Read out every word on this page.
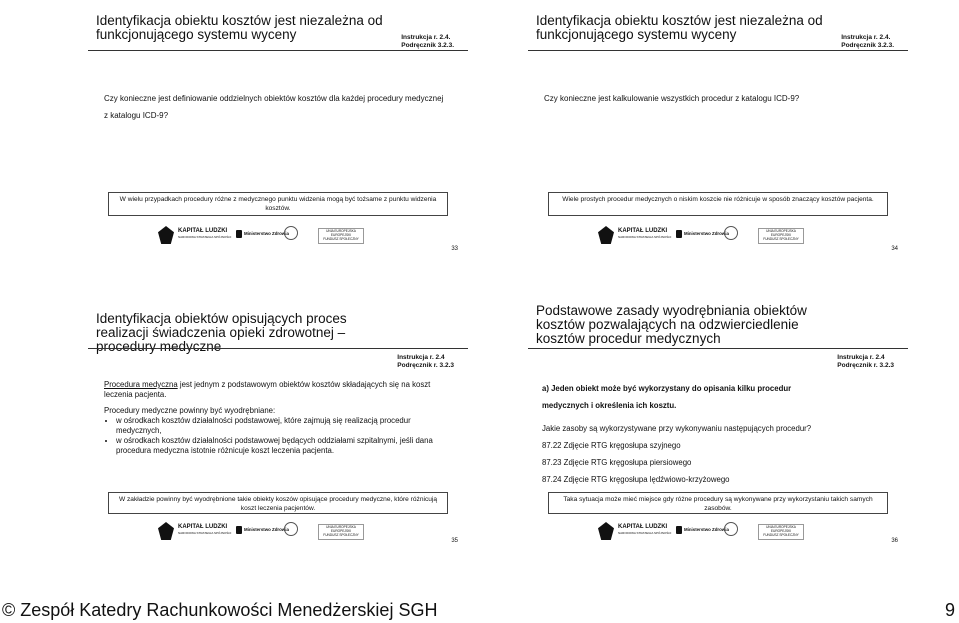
Identyfikacja obiektu kosztów jest niezależna od funkcjonującego systemu wyceny	Instrukcja r. 2.4.
Podręcznik 3.2.3.
Czy konieczne jest definiowanie oddzielnych obiektów kosztów dla każdej procedury medycznej z katalogu ICD-9?
W wielu przypadkach procedury różne z medycznego punktu widzenia mogą być tożsame z punktu widzenia kosztów.
KAPITAŁ LUDZKI
NARODOWA STRATEGIA SPÓJNOŚCI
Ministerstwo Zdrowia
UNIA EUROPEJSKA
EUROPEJSKI
FUNDUSZ SPOŁECZNY
33
Identyfikacja obiektu kosztów jest niezależna od funkcjonującego systemu wyceny	Instrukcja r. 2.4.
Podręcznik 3.2.3.
Czy konieczne jest kalkulowanie wszystkich procedur z katalogu ICD-9?
Wiele prostych procedur medycznych o niskim koszcie nie różnicuje w sposób znaczący kosztów pacjenta.
KAPITAŁ LUDZKI
NARODOWA STRATEGIA SPÓJNOŚCI
Ministerstwo Zdrowia
UNIA EUROPEJSKA
EUROPEJSKI
FUNDUSZ SPOŁECZNY
34
Identyfikacja obiektów opisujących proces realizacji świadczenia opieki zdrowotnej – procedury medyczne
Instrukcja r. 2.4
Podręcznik r. 3.2.3

Procedura medyczna jest jednym z podstawowym obiektów kosztów składających się na koszt leczenia pacjenta.

Procedury medyczne powinny być wyodrębniane:

• w ośrodkach kosztów działalności podstawowej, które zajmują się realizacją procedur medycznych,
• w ośrodkach kosztów działalności podstawowej będących oddziałami szpitalnymi, jeśli dana procedura medyczna istotnie różnicuje koszt leczenia pacjenta.
W zakładzie powinny być wyodrębnione takie obiekty koszów opisujące procedury medyczne, które różnicują koszt leczenia pacjentów.
KAPITAŁ LUDZKI
NARODOWA STRATEGIA SPÓJNOŚCI
Ministerstwo Zdrowia
UNIA EUROPEJSKA
EUROPEJSKI
FUNDUSZ SPOŁECZNY
35
Podstawowe zasady wyodrębniania obiektów kosztów pozwalających na odzwierciedlenie kosztów procedur medycznych
Instrukcja r. 2.4
Podręcznik r. 3.2.3
a) Jeden obiekt może być wykorzystany do opisania kilku procedur
medycznych i określenia ich kosztu.
Jakie zasoby są wykorzystywane przy wykonywaniu następujących procedur?
87.22 Zdjęcie RTG kręgosłupa szyjnego
87.23 Zdjęcie RTG kręgosłupa piersiowego
87.24 Zdjęcie RTG kręgosłupa lędźwiowo-krzyżowego
Taka sytuacja może mieć miejsce gdy różne procedury są wykonywane przy wykorzystaniu takich samych zasobów.
KAPITAŁ LUDZKI
NARODOWA STRATEGIA SPÓJNOŚCI
Ministerstwo Zdrowia
UNIA EUROPEJSKA
EUROPEJSKI
FUNDUSZ SPOŁECZNY
36
© Zespół Katedry Rachunkowości Menedżerskiej SGH	9
